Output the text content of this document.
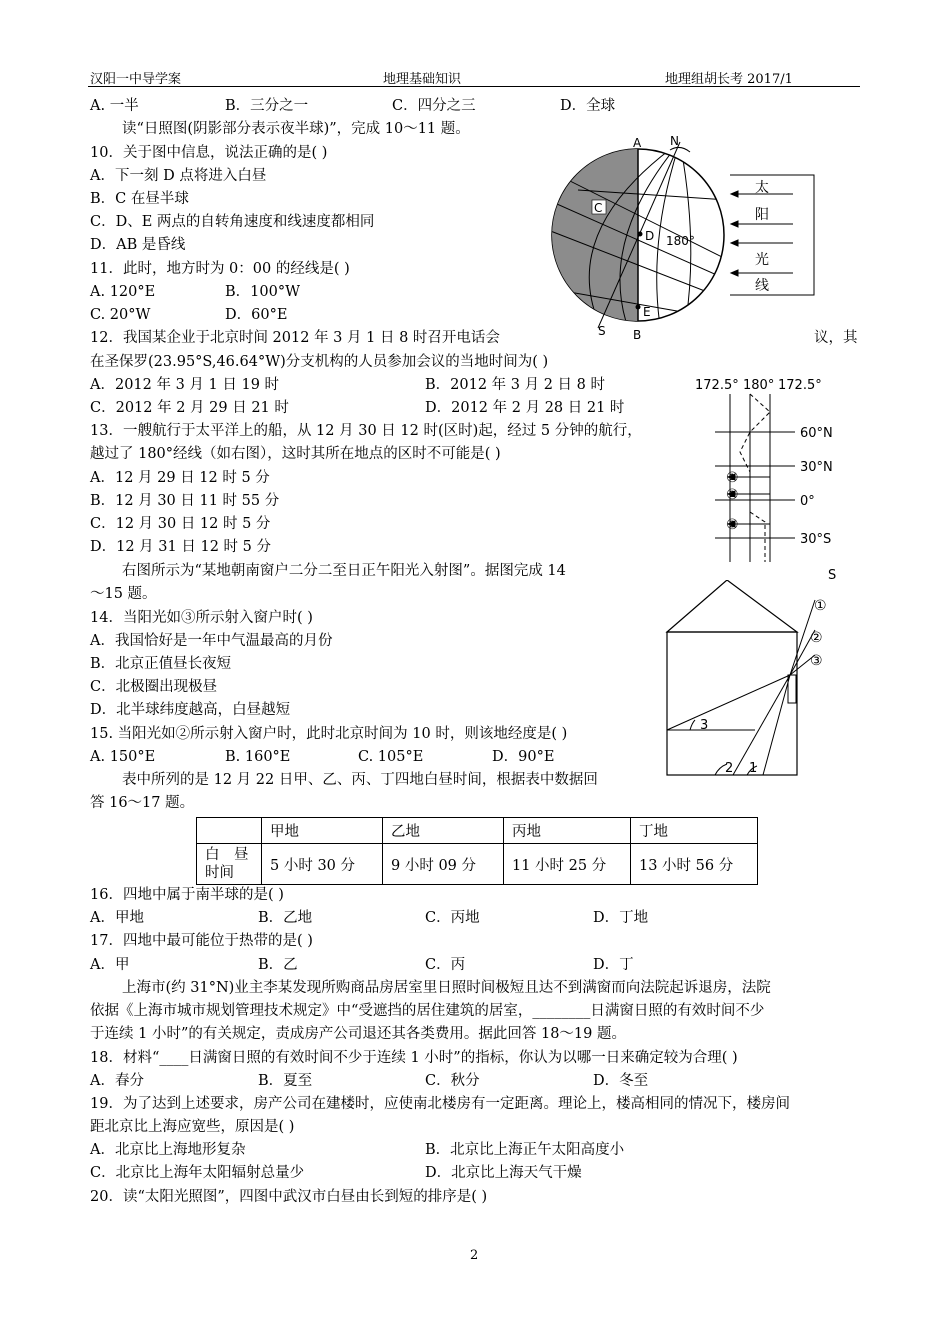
汉阳一中导学案	地理基础知识	地理组胡长考 2017/1
A. 一半	B．三分之一	C．四分之三	D．全球
读“日照图(阴影部分表示夜半球)”，完成 10～11 题。
10．关于图中信息，说法正确的是( )
A．下一刻 D 点将进入白昼
B．C 在昼半球
C．D、E 两点的自转角速度和线速度都相同
D．AB 是昏线
11．此时，地方时为 0：00 的经线是( )
A. 120°E	B．100°W
C. 20°W	D．60°E
12．我国某企业于北京时间 2012 年 3 月 1 日 8 时召开电话会	议，其
在圣保罗(23.95°S,46.64°W)分支机构的人员参加会议的当地时间为( )
A．2012 年 3 月 1 日 19 时	B．2012 年 3 月 2 日 8 时
C．2012 年 2 月 29 日 21 时	D．2012 年 2 月 28 日 21 时
13．一艘航行于太平洋上的船，从 12 月 30 日 12 时(区时)起，经过 5 分钟的航行，
越过了 180°经线（如右图），这时其所在地点的区时不可能是( )
A．12 月 29 日 12 时 5 分
B．12 月 30 日 11 时 55 分
C．12 月 30 日 12 时 5 分
D．12 月 31 日 12 时 5 分
右图所示为“某地朝南窗户二分二至日正午阳光入射图”。据图完成 14
～15 题。
14．当阳光如③所示射入窗户时( )
A．我国恰好是一年中气温最高的月份
B．北京正值昼长夜短
C．北极圈出现极昼
D．北半球纬度越高，白昼越短
15. 当阳光如②所示射入窗户时，此时北京时间为 10 时，则该地经度是( )
A. 150°E	B. 160°E	C. 105°E	D．90°E
表中所列的是 12 月 22 日甲、乙、丙、丁四地白昼时间，根据表中数据回
答 16～17 题。
	甲地	乙地	丙地	丁地
白　昼
时间	5 小时 30 分	9 小时 09 分	11 小时 25 分	13 小时 56 分
16．四地中属于南半球的是( )
A．甲地	B．乙地	C．丙地	D．丁地
17．四地中最可能位于热带的是( )
A．甲	B．乙	C．丙	D．丁
上海市(约 31°N)业主李某发现所购商品房居室里日照时间极短且达不到满窗而向法院起诉退房，法院
依据《上海市城市规划管理技术规定》中“受遮挡的居住建筑的居室，________日满窗日照的有效时间不少
于连续 1 小时”的有关规定，责成房产公司退还其各类费用。据此回答 18～19 题。
18．材料“____日满窗日照的有效时间不少于连续 1 小时”的指标，你认为以哪一日来确定较为合理( )
A．春分	B．夏至	C．秋分	D．冬至
19．为了达到上述要求，房产公司在建楼时，应使南北楼房有一定距离。理论上，楼高相同的情况下，楼房间
距北京比上海应宽些，原因是( )
A．北京比上海地形复杂	B．北京比上海正午太阳高度小
C．北京比上海年太阳辐射总量少	D．北京比上海天气干燥
20．读“太阳光照图”，四图中武汉市白昼由长到短的排序是( )
2
C
A
B
N
S
D
E
180°
太
阳
光
线
172.5° 180° 172.5°
①
②
③
60°N
30°N
0°
30°S
S
①
②
③
3
2 1
